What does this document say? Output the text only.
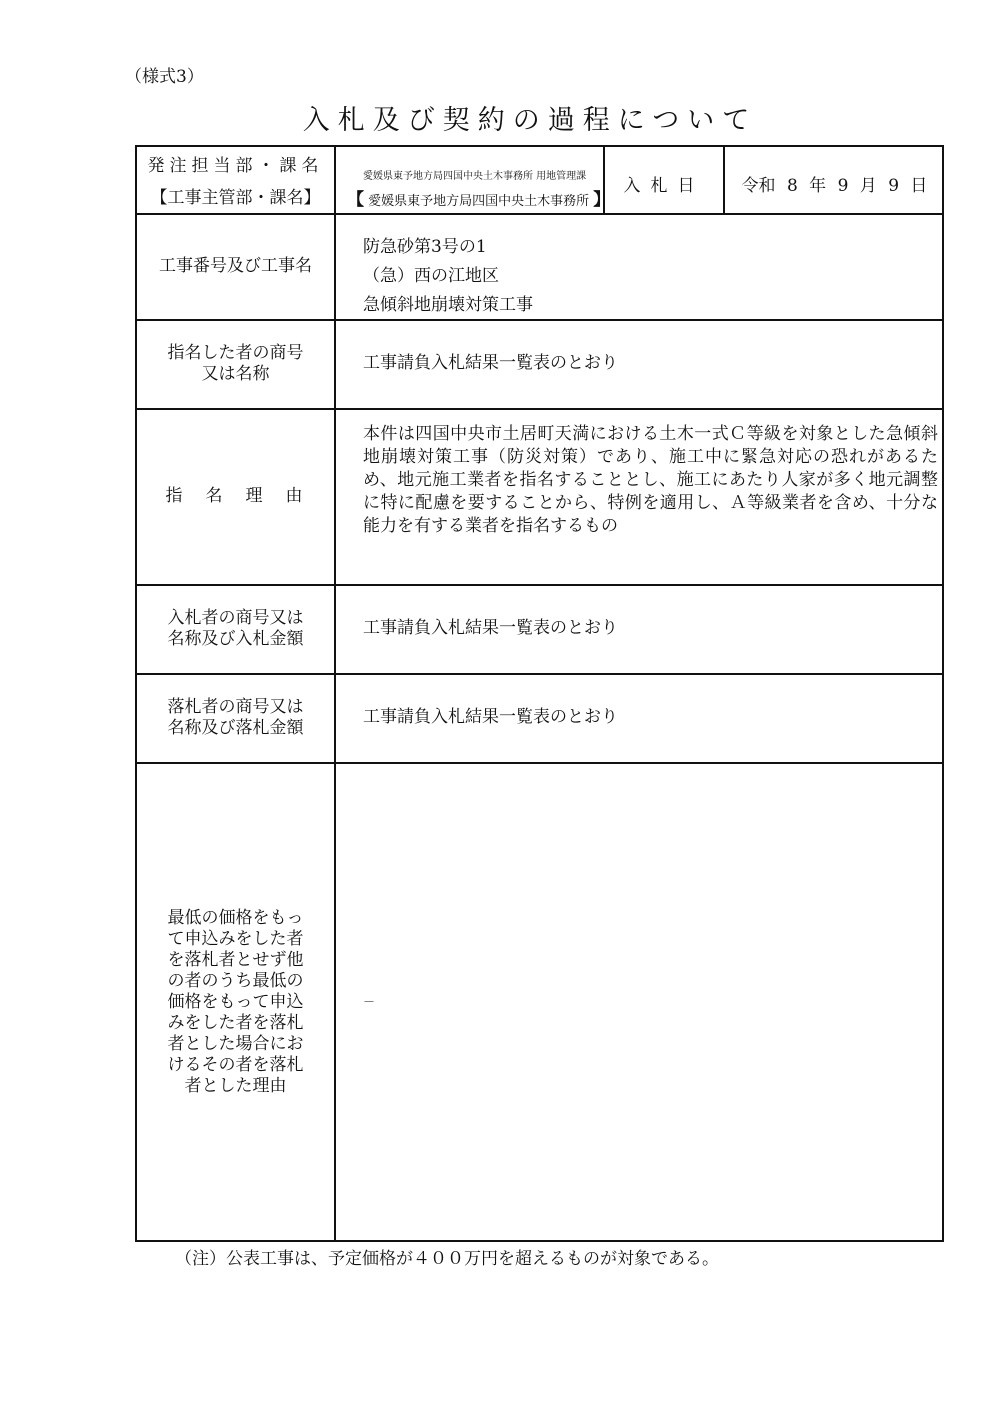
（様式3）
入札及び契約の過程について
発注担当部・課名
【工事主管部・課名】
愛媛県東予地方局四国中央土木事務所 用地管理課
【 愛媛県東予地方局四国中央土木事務所 】
入札日	令和 8 年 9 月 9 日
工事番号及び工事名
防急砂第3号の1
（急）西の江地区
急傾斜地崩壊対策工事
指名した者の商号
又は名称
工事請負入札結果一覧表のとおり
指　名　理　由
本件は四国中央市土居町天満における土木一式Ｃ等級を対象とした急傾斜地崩壊対策工事（防災対策）であり、施工中に緊急対応の恐れがあるため、地元施工業者を指名することとし、施工にあたり人家が多く地元調整に特に配慮を要することから、特例を適用し、Ａ等級業者を含め、十分な能力を有する業者を指名するもの
入札者の商号又は
名称及び入札金額
工事請負入札結果一覧表のとおり
落札者の商号又は
名称及び落札金額
工事請負入札結果一覧表のとおり
最低の価格をもっ
て申込みをした者
を落札者とせず他
の者のうち最低の
価格をもって申込
みをした者を落札
者とした場合にお
けるその者を落札
者とした理由
－
（注）公表工事は、予定価格が４００万円を超えるものが対象である。
